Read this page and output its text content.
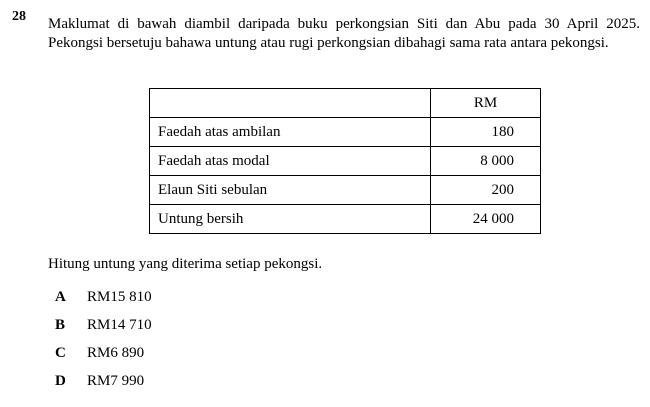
28 Maklumat di bawah diambil daripada buku perkongsian Siti dan Abu pada 30 April 2025. Pekongsi bersetuju bahawa untung atau rugi perkongsian dibahagi sama rata antara pekongsi.

	RM
Faedah atas ambilan	180
Faedah atas modal	8 000
Elaun Siti sebulan	200
Untung bersih	24 000
Hitung untung yang diterima setiap pekongsi.
A	RM15 810
B	RM14 710
C	RM6 890
D	RM7 990
